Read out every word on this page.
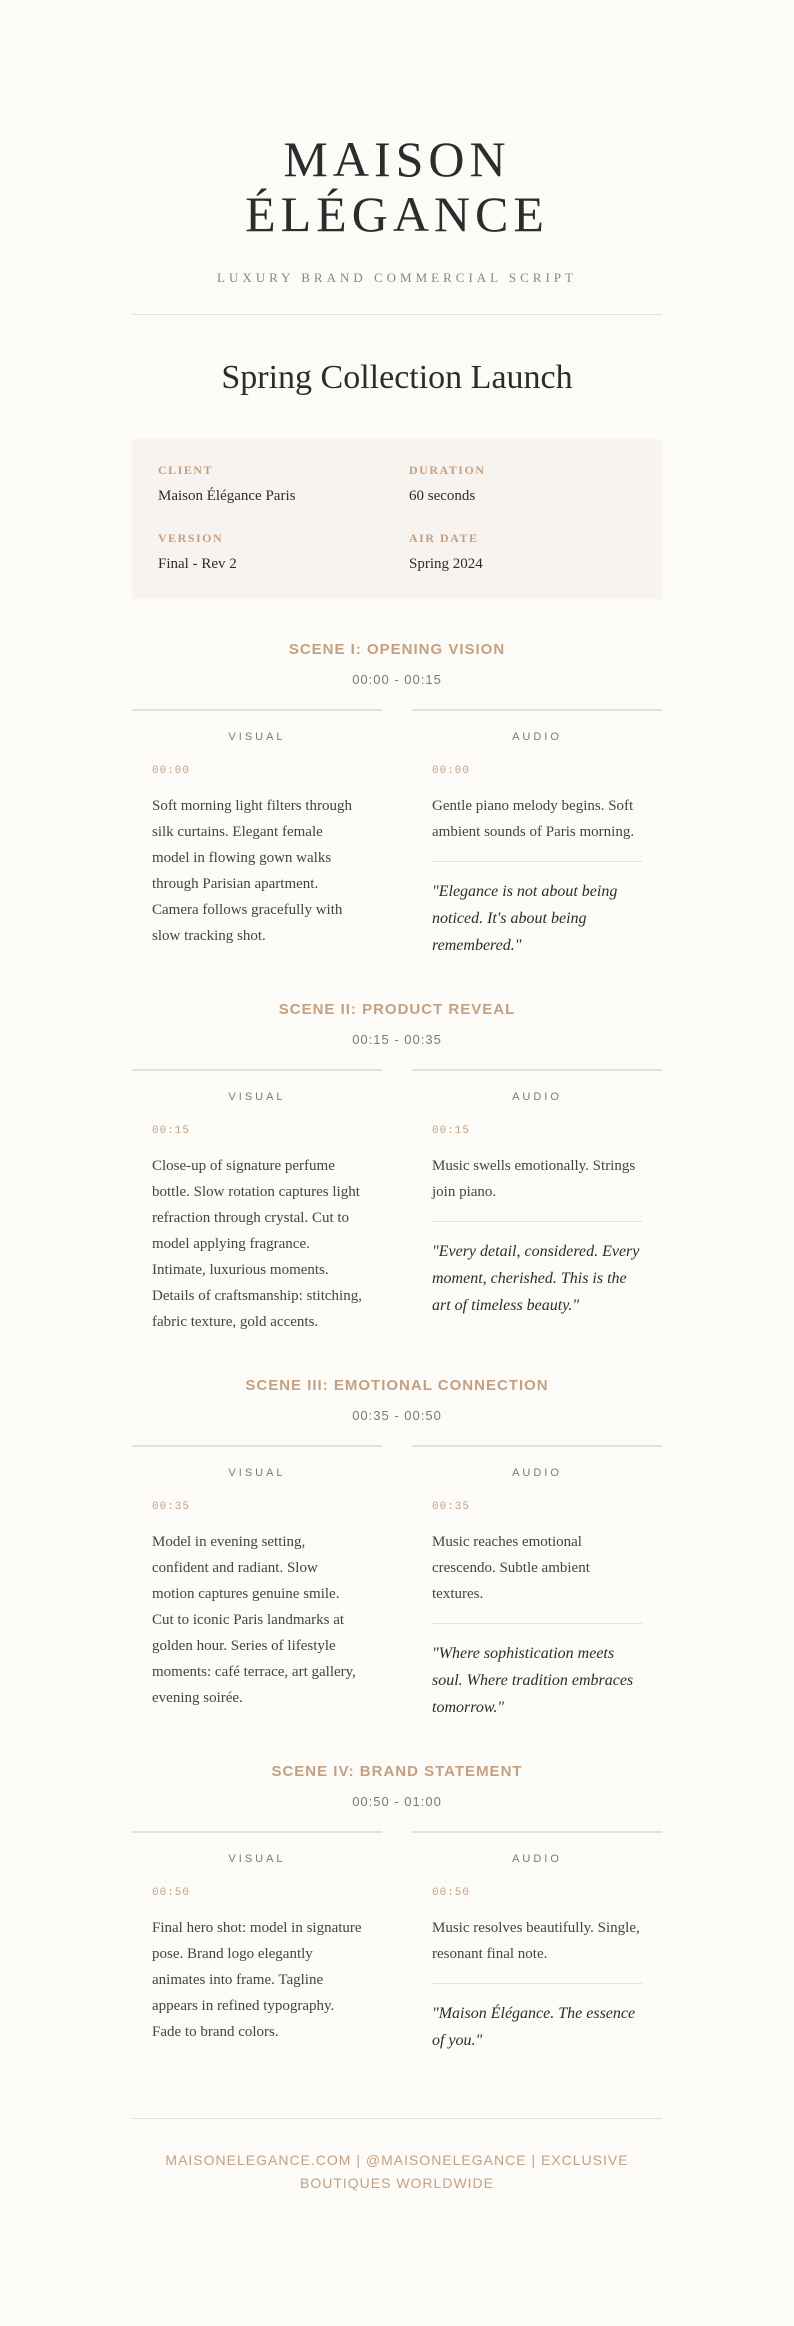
MAISON ÉLÉGANCE
LUXURY BRAND COMMERCIAL SCRIPT
Spring Collection Launch
CLIENT
Maison Élégance Paris
DURATION
60 seconds
VERSION
Final - Rev 2
AIR DATE
Spring 2024
SCENE I: OPENING VISION
00:00 - 00:15
VISUAL
00:00

Soft morning light filters through silk curtains. Elegant female model in flowing gown walks through Parisian apartment. Camera follows gracefully with slow tracking shot.

AUDIO
00:00

Gentle piano melody begins. Soft ambient sounds of Paris morning.

"Elegance is not about being noticed. It's about being remembered."

SCENE II: PRODUCT REVEAL
00:15 - 00:35
VISUAL
00:15

Close-up of signature perfume bottle. Slow rotation captures light refraction through crystal. Cut to model applying fragrance. Intimate, luxurious moments. Details of craftsmanship: stitching, fabric texture, gold accents.

AUDIO
00:15

Music swells emotionally. Strings join piano.

"Every detail, considered. Every moment, cherished. This is the art of timeless beauty."

SCENE III: EMOTIONAL CONNECTION
00:35 - 00:50
VISUAL
00:35

Model in evening setting, confident and radiant. Slow motion captures genuine smile. Cut to iconic Paris landmarks at golden hour. Series of lifestyle moments: café terrace, art gallery, evening soirée.

AUDIO
00:35

Music reaches emotional crescendo. Subtle ambient textures.

"Where sophistication meets soul. Where tradition embraces tomorrow."

SCENE IV: BRAND STATEMENT
00:50 - 01:00
VISUAL
00:50

Final hero shot: model in signature pose. Brand logo elegantly animates into frame. Tagline appears in refined typography. Fade to brand colors.

AUDIO
00:50

Music resolves beautifully. Single, resonant final note.

"Maison Élégance. The essence of you."

MAISONELEGANCE.COM | @MAISONELEGANCE | EXCLUSIVE BOUTIQUES WORLDWIDE
